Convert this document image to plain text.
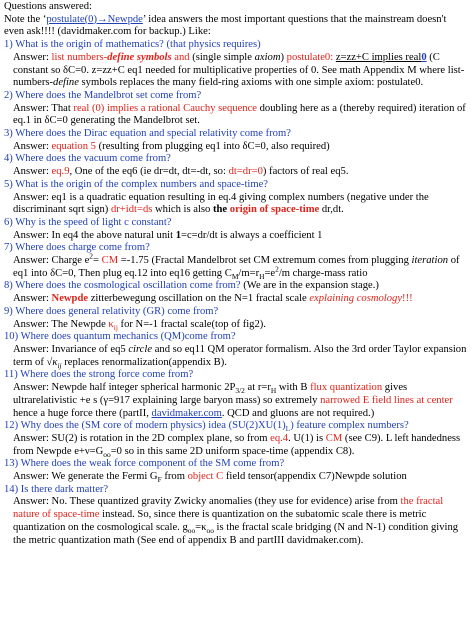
Questions answered:

Note the ‘postulate(0)→Newpde’ idea answers the most important questions that the mainstream doesn't even ask!!!! (davidmaker.com for backup.) Like:

1) What is the origin of mathematics? (that physics requires)

Answer: list numbers-define symbols and (single simple axiom) postulate0: z=zz+C implies real0 (C constant so δC=0. z=zz+C eq1 needed for multiplicative properties of 0. See math Appendix M where list-numbers-define symbols replaces the many field-ring axioms with one simple axiom: postulate0.

2) Where does the Mandelbrot set come from?

Answer: That real (0) implies a rational Cauchy sequence doubling here as a (thereby required) iteration of eq.1 in δC=0 generating the Mandelbrot set.

3) Where does the Dirac equation and special relativity come from?

Answer: equation 5 (resulting from plugging eq1 into δC=0, also required)

4) Where does the vacuum come from?

Answer: eq.9, One of the eq6 (ie dr=dt, dt=-dt, so: dt=dr=0) factors of real eq5.

5) What is the origin of the complex numbers and space-time?

Answer: eq1 is a quadratic equation resulting in eq.4 giving complex numbers (negative under the discriminant sqrt sign) dr+idt=ds which is also the origin of space-time dr,dt.

6) Why is the speed of light c constant?

Answer: In eq4 the above natural unit 1=c=dr/dt is always a coefficient 1

7) Where does charge come from?

Answer: Charge $e^2=$ CM =-1.75 (Fractal Mandelbrot set CM extremum comes from plugging iteration of eq1 into δC=0, Then plug eq.12 into eq16 getting $C_M/m=r_H=e^2/m$ charge-mass ratio

8) Where does the cosmological oscillation come from? (We are in the expansion stage.)

Answer: Newpde zitterbewegung oscillation on the N=1 fractal scale explaining cosmology!!!

9) Where does general relativity (GR) come from?

Answer: The Newpde $\kappa_{ij}$ for N=-1 fractal scale(top of fig2).

10) Where does quantum mechanics (QM)come from?

Answer: Invariance of eq5 circle and so eq11 QM operator formalism. Also the 3rd order Taylor expansion term of $√\kappa_{ij}$ replaces renormalization(appendix B).

11) Where does the strong force come from?

Answer: Newpde half integer spherical harmonic $2P_{3/2}$ at $r=r_H$ with B flux quantization gives ultrarelativistic +e s (γ=917 explaining large baryon mass) so extremely narrowed E field lines at center hence a huge force there (partII, davidmaker.com. QCD and gluons are not required.)

12) Why does the (SM core of modern physics) idea $(SU(2)XU(1)_L)$ feature complex numbers?

Answer: SU(2) is rotation in the 2D complex plane, so from eq.4. U(1) is CM (see C9). L left handedness from Newpde $e+\nu=G_{oo}=0$ so in this same 2D uniform space-time (appendix C8).

13) Where does the weak force component of the SM come from?

Answer: We generate the Fermi $G_F$ from object C field tensor(appendix C7)Newpde solution

14) Is there dark matter?

Answer: No. These quantized gravity Zwicky anomalies (they use for evidence) arise from the fractal nature of space-time instead. So, since there is quantization on the subatomic scale there is metric quantization on the cosmological scale. $g_{oo}=\kappa_{oo}$ is the fractal scale bridging (N and N-1) condition giving the metric quantization math (See end of appendix B and partIII davidmaker.com).
